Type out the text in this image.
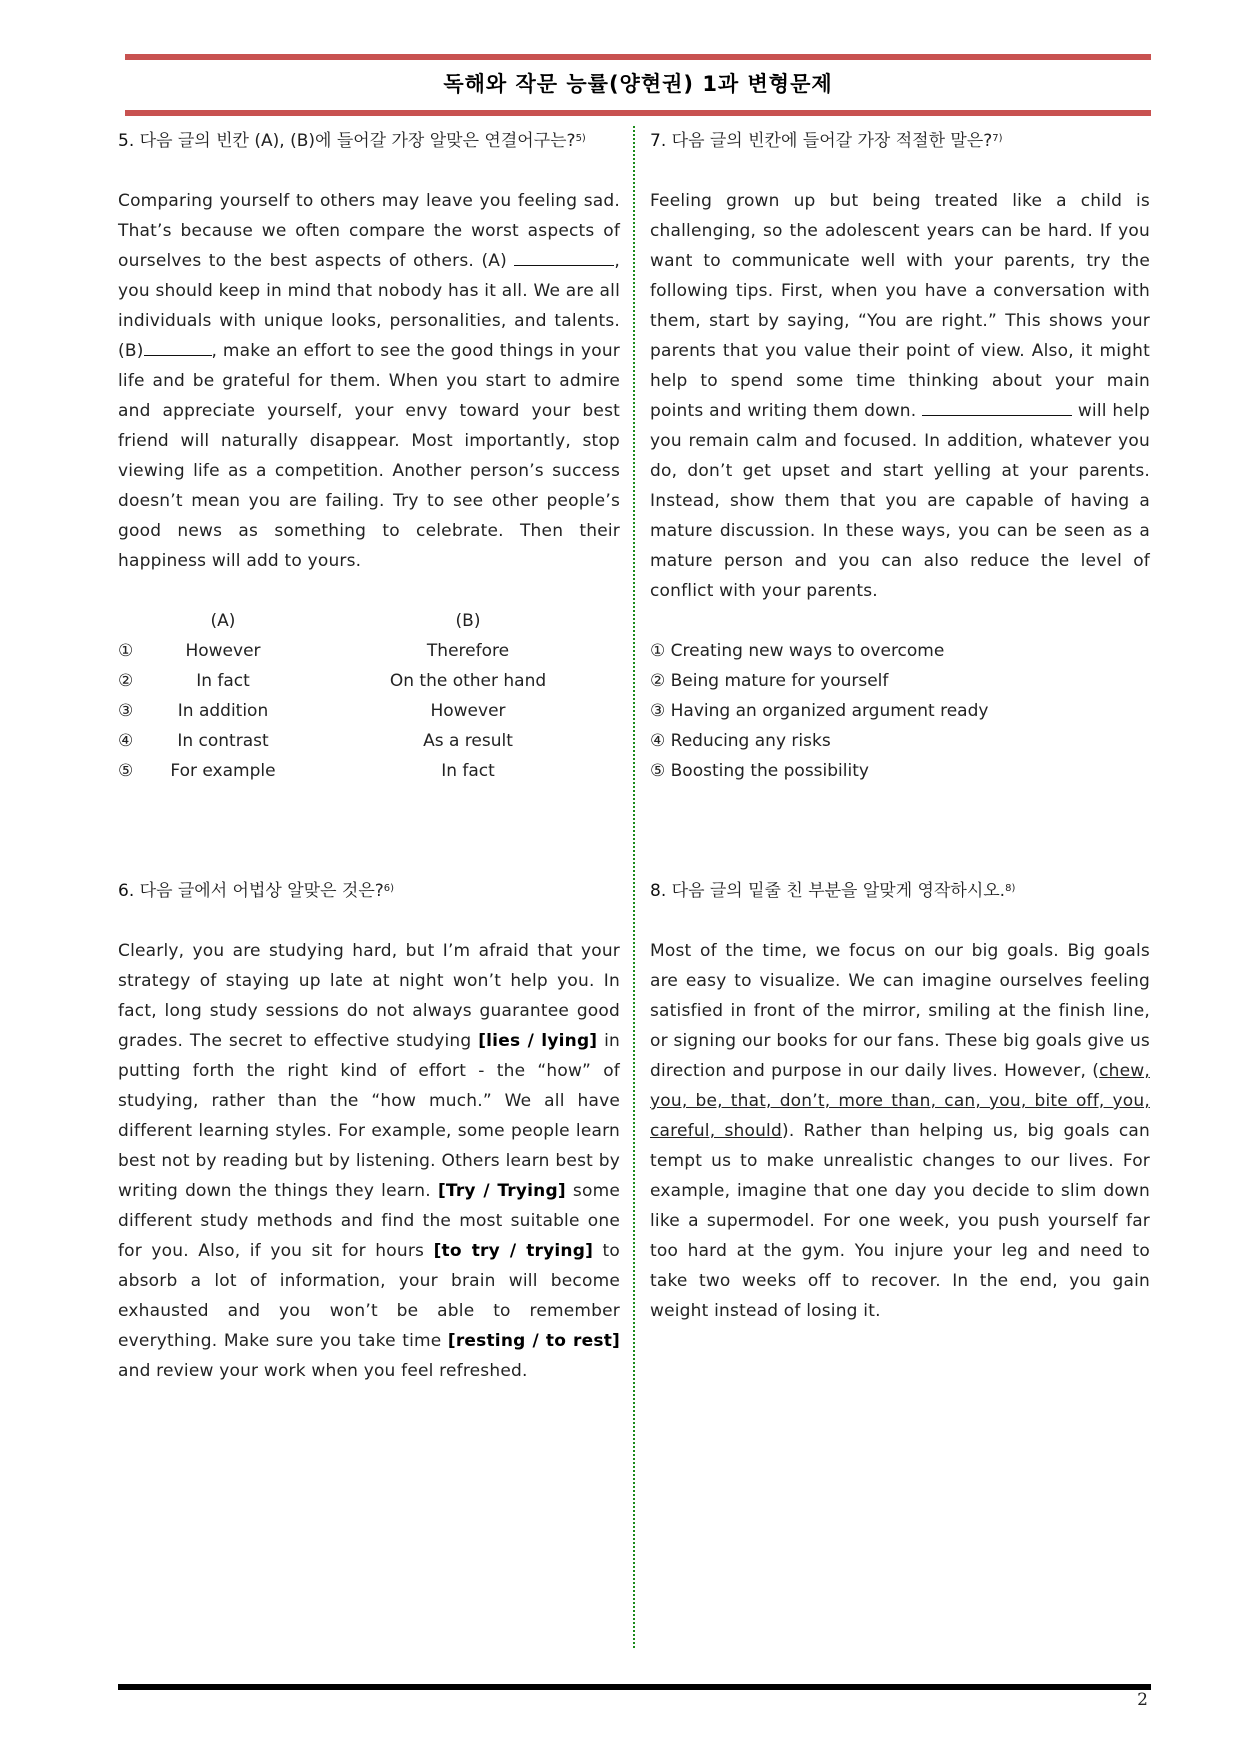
독해와 작문 능률(양현권) 1과 변형문제

5. 다음 글의 빈칸 (A), (B)에 들어갈 가장 알맞은 연결어구는?$^{5)}$

Comparing yourself to others may leave you feeling sad. That’s because we often compare the worst aspects of ourselves to the best aspects of others. (A)	, you should keep in mind that nobody has it all. We are all individuals with unique looks, personalities, and talents. (B)	, make an effort to see the good things in your life and be grateful for them. When you start to admire and appreciate yourself, your envy toward your best friend will naturally disappear. Most importantly, stop viewing life as a competition. Another person’s success doesn’t mean you are failing. Try to see other people’s good news as something to celebrate. Then their happiness will add to yours.

(A)	(B)
①	However	Therefore
②	In fact	On the other hand
③	In addition	However
④	In contrast	As a result
⑤	For example	In fact

6. 다음 글에서 어법상 알맞은 것은?$^{6)}$

Clearly, you are studying hard, but I’m afraid that your strategy of staying up late at night won’t help you. In fact, long study sessions do not always guarantee good grades. The secret to effective studying [lies / lying] in putting forth the right kind of effort - the “how” of studying, rather than the “how much.” We all have different learning styles. For example, some people learn best not by reading but by listening. Others learn best by writing down the things they learn. [Try / Trying] some different study methods and find the most suitable one for you. Also, if you sit for hours [to try / trying] to absorb a lot of information, your brain will become exhausted and you won’t be able to remember everything. Make sure you take time [resting / to rest] and review your work when you feel refreshed.

7. 다음 글의 빈칸에 들어갈 가장 적절한 말은?$^{7)}$

Feeling grown up but being treated like a child is challenging, so the adolescent years can be hard. If you want to communicate well with your parents, try the following tips. First, when you have a conversation with them, start by saying, “You are right.” This shows your parents that you value their point of view. Also, it might help to spend some time thinking about your main points and writing them down.	will help you remain calm and focused. In addition, whatever you do, don’t get upset and start yelling at your parents. Instead, show them that you are capable of having a mature discussion. In these ways, you can be seen as a mature person and you can also reduce the level of conflict with your parents.

① Creating new ways to overcome
② Being mature for yourself
③ Having an organized argument ready
④ Reducing any risks
⑤ Boosting the possibility

8. 다음 글의 밑줄 친 부분을 알맞게 영작하시오.$^{8)}$

Most of the time, we focus on our big goals. Big goals are easy to visualize. We can imagine ourselves feeling satisfied in front of the mirror, smiling at the finish line, or signing our books for our fans. These big goals give us direction and purpose in our daily lives. However, (chew, you, be, that, don’t, more than, can, you, bite off, you, careful, should). Rather than helping us, big goals can tempt us to make unrealistic changes to our lives. For example, imagine that one day you decide to slim down like a supermodel. For one week, you push yourself far too hard at the gym. You injure your leg and need to take two weeks off to recover. In the end, you gain weight instead of losing it.

2
